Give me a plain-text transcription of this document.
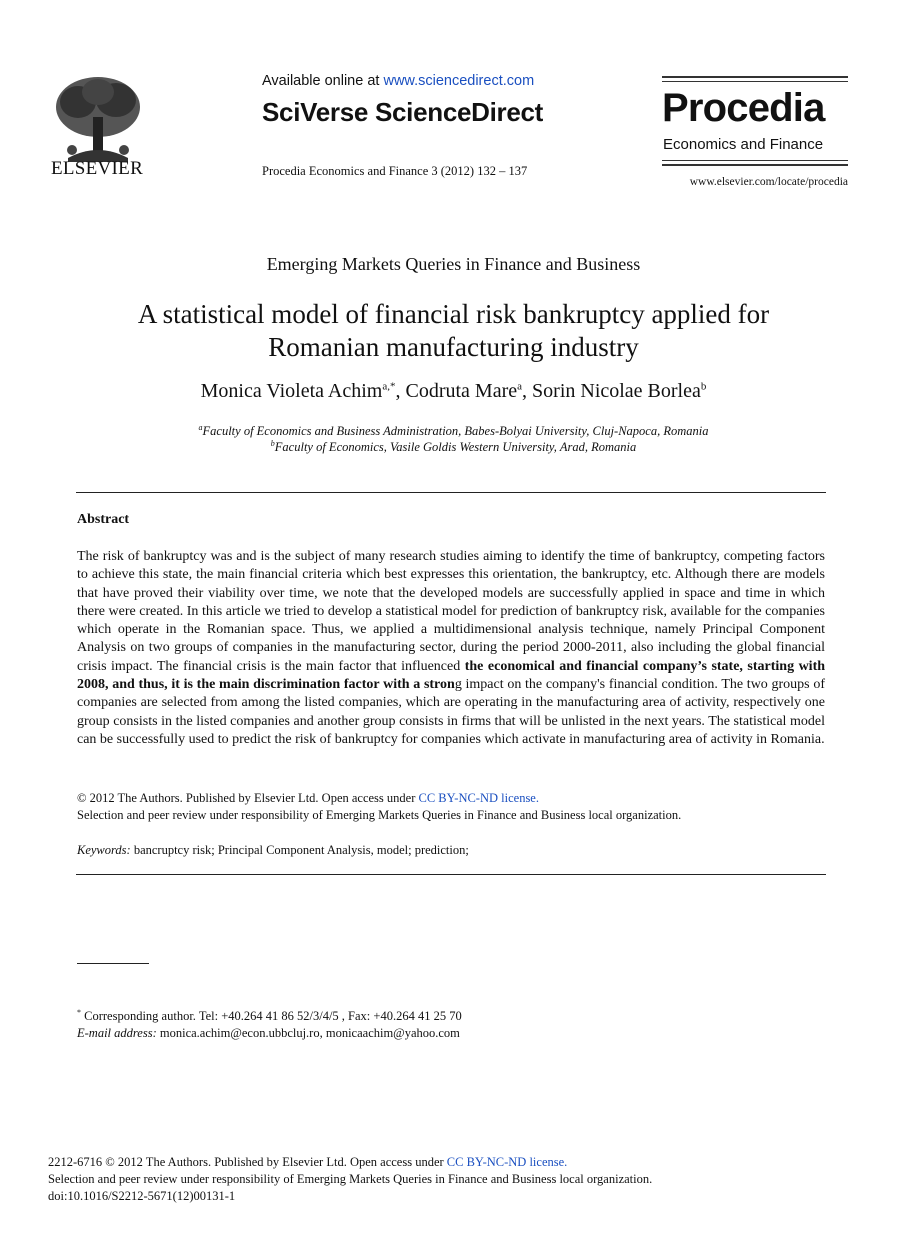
ELSEVIER
Available online at www.sciencedirect.com
SciVerse ScienceDirect
Procedia Economics and Finance 3 (2012) 132 – 137
Procedia
Economics and Finance
www.elsevier.com/locate/procedia
Emerging Markets Queries in Finance and Business
A statistical model of financial risk bankruptcy applied for
Romanian manufacturing industry
Monica Violeta Achim$^{a,*}$, Codruta Mare$^a$, Sorin Nicolae Borlea$^b$
$^a$Faculty of Economics and Business Administration, Babes-Bolyai University, Cluj-Napoca, Romania
$^b$Faculty of Economics, Vasile Goldis Western University, Arad, Romania
Abstract
The risk of bankruptcy was and is the subject of many research studies aiming to identify the time of bankruptcy, competing factors to achieve this state, the main financial criteria which best expresses this orientation, the bankruptcy, etc. Although there are models that have proved their viability over time, we note that the developed models are successfully applied in space and time in which there were created. In this article we tried to develop a statistical model for prediction of bankruptcy risk, available for the companies which operate in the Romanian space. Thus, we applied a multidimensional analysis technique, namely Principal Component Analysis on two groups of companies in the manufacturing sector, during the period 2000-2011, also including the global financial crisis impact. The financial crisis is the main factor that influenced the economical and financial company’s state, starting with 2008, and thus, it is the main discrimination factor with a strong impact on the company's financial condition. The two groups of companies are selected from among the listed companies, which are operating in the manufacturing area of activity, respectively one group consists in the listed companies and another group consists in firms that will be unlisted in the next years. The statistical model can be successfully used to predict the risk of bankruptcy for companies which activate in manufacturing area of activity in Romania.
© 2012 The Authors. Published by Elsevier Ltd. Open access under CC BY-NC-ND license.
Selection and peer review under responsibility of Emerging Markets Queries in Finance and Business local organization.
Keywords: bancruptcy risk; Principal Component Analysis, model; prediction;
* Corresponding author. Tel: +40.264 41 86 52/3/4/5 , Fax: +40.264 41 25 70
E-mail address: monica.achim@econ.ubbcluj.ro, monicaachim@yahoo.com
2212-6716 © 2012 The Authors. Published by Elsevier Ltd. Open access under CC BY-NC-ND license.
Selection and peer review under responsibility of Emerging Markets Queries in Finance and Business local organization.
doi:10.1016/S2212-5671(12)00131-1
